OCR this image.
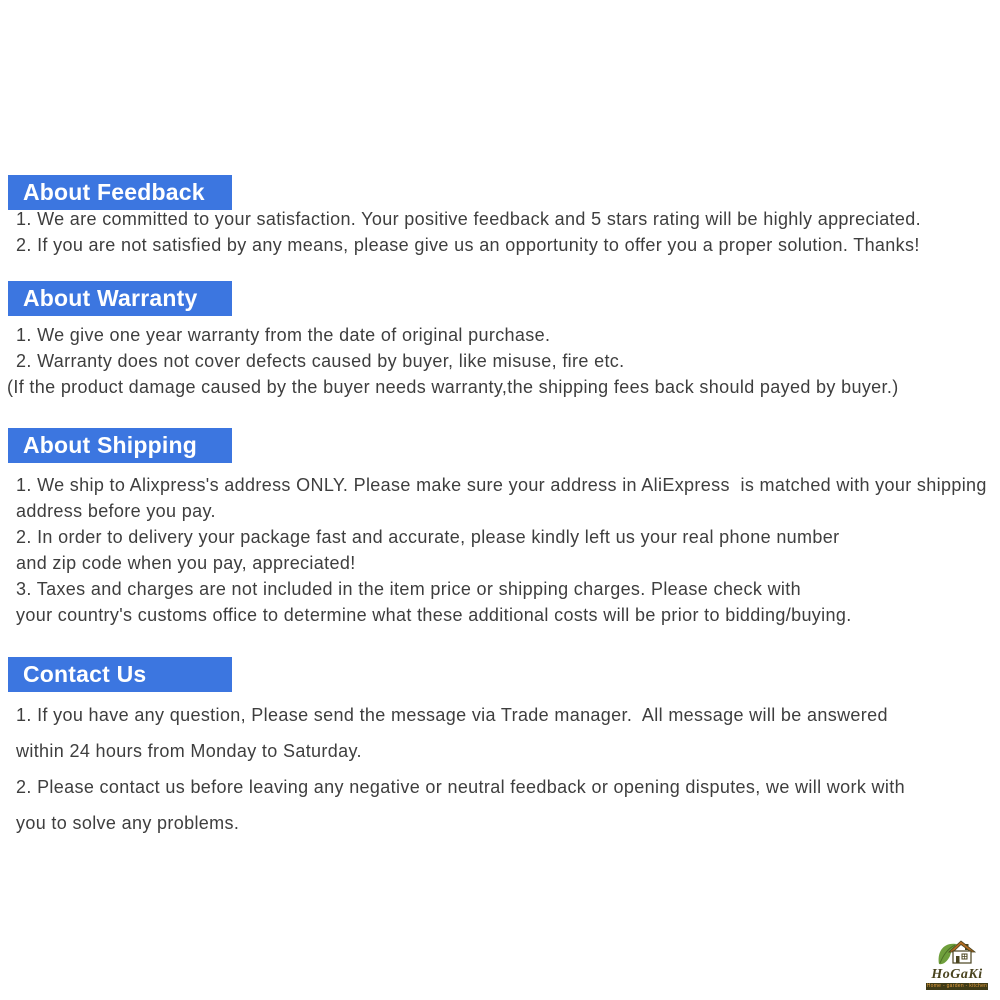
About Feedback
1. We are committed to your satisfaction. Your positive feedback and 5 stars rating will be highly appreciated.
2. If you are not satisfied by any means, please give us an opportunity to offer you a proper solution. Thanks!
About Warranty
1. We give one year warranty from the date of original purchase.
2. Warranty does not cover defects caused by buyer, like misuse, fire etc.
(If the product damage caused by the buyer needs warranty,the shipping fees back should payed by buyer.)
About Shipping
1. We ship to Alixpress's address ONLY. Please make sure your address in AliExpress  is matched with your shipping
address before you pay.
2. In order to delivery your package fast and accurate, please kindly left us your real phone number
and zip code when you pay, appreciated!
3. Taxes and charges are not included in the item price or shipping charges. Please check with
your country's customs office to determine what these additional costs will be prior to bidding/buying.
Contact Us
1. If you have any question, Please send the message via Trade manager.  All message will be answered
within 24 hours from Monday to Saturday.
2. Please contact us before leaving any negative or neutral feedback or opening disputes, we will work with
you to solve any problems.
HoGaKi
Home - garden - kitchen
